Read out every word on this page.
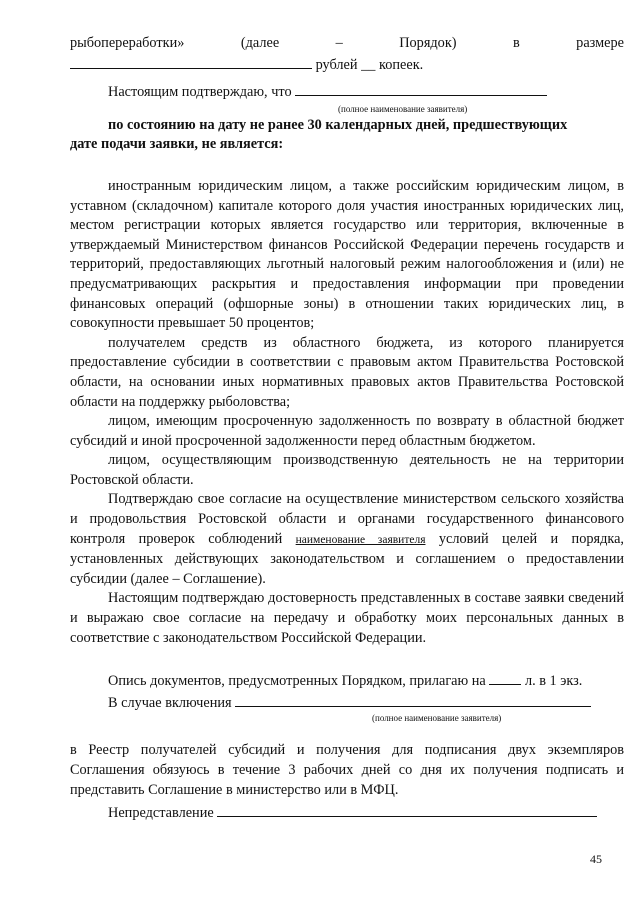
рыбопереработки»	(далее	–	Порядок)	в	размере
рублей __ копеек.
Настоящим подтверждаю, что
(полное наименование заявителя)
по состоянию на дату не ранее 30 календарных дней, предшествующих
дате подачи заявки, не является:
иностранным юридическим лицом, а также российским юридическим лицом, в уставном (складочном) капитале которого доля участия иностранных юридических лиц, местом регистрации которых является государство или территория, включенные в утверждаемый Министерством финансов Российской Федерации перечень государств и территорий, предоставляющих льготный налоговый режим налогообложения и (или) не предусматривающих раскрытия и предоставления информации при проведении финансовых операций (офшорные зоны) в отношении таких юридических лиц, в совокупности превышает 50 процентов;
получателем средств из областного бюджета, из которого планируется предоставление субсидии в соответствии с правовым актом Правительства Ростовской области, на основании иных нормативных правовых актов Правительства Ростовской области на поддержку рыболовства;
лицом, имеющим просроченную задолженность по возврату в областной бюджет субсидий и иной просроченной задолженности перед областным бюджетом.
лицом, осуществляющим производственную деятельность не на территории Ростовской области.
Подтверждаю свое согласие на осуществление министерством сельского хозяйства и продовольствия Ростовской области и органами государственного финансового контроля проверок соблюдений наименование заявителя условий целей и порядка, установленных действующих законодательством и соглашением о предоставлении субсидии (далее – Соглашение).
Настоящим подтверждаю достоверность представленных в составе заявки сведений и выражаю свое согласие на передачу и обработку моих персональных данных в соответствие с законодательством Российской Федерации.
Опись документов, предусмотренных Порядком, прилагаю на	л. в 1 экз.
В случае включения
(полное наименование заявителя)
в Реестр получателей субсидий и получения для подписания двух экземпляров Соглашения обязуюсь в течение 3 рабочих дней со дня их получения подписать и представить Соглашение в министерство или в МФЦ.
Непредставление
45
